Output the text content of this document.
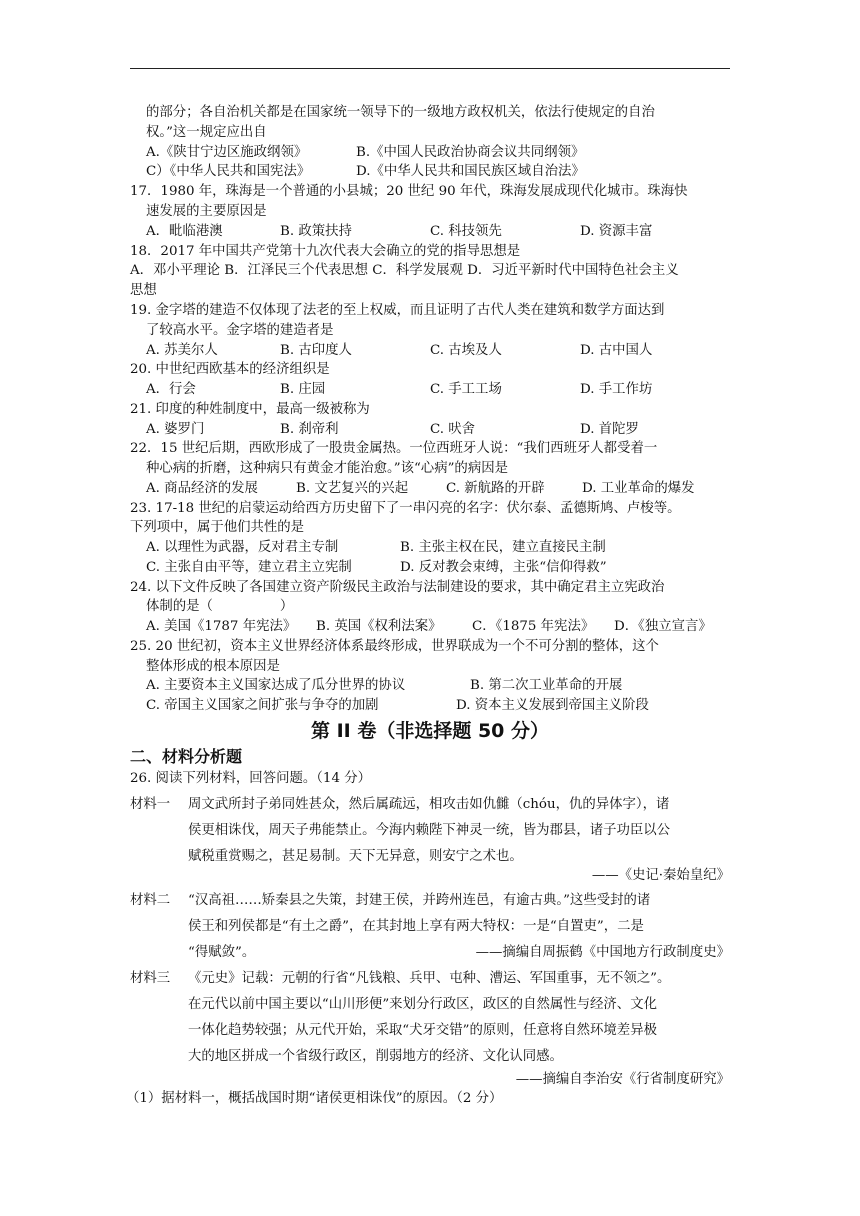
的部分；各自治机关都是在国家统一领导下的一级地方政权机关，依法行使规定的自治
权。”这一规定应出自
A.《陕甘宁边区施政纲领》	B.《中国人民政治协商会议共同纲领》
C）《中华人民共和国宪法》	D.《中华人民共和国民族区域自治法》
17．1980 年，珠海是一个普通的小县城；20 世纪 90 年代，珠海发展成现代化城市。珠海快
速发展的主要原因是
A．毗临港澳	B. 政策扶持	C. 科技领先	D. 资源丰富
18．2017 年中国共产党第十九次代表大会确立的党的指导思想是
A．邓小平理论 B．江泽民三个代表思想 C．科学发展观 D．习近平新时代中国特色社会主义
思想
19. 金字塔的建造不仅体现了法老的至上权威，而且证明了古代人类在建筑和数学方面达到
了较高水平。金字塔的建造者是
A. 苏美尔人	B. 古印度人	C. 古埃及人	D. 古中国人
20. 中世纪西欧基本的经济组织是
A．行会	B. 庄园	C. 手工工场	D. 手工作坊
21. 印度的种姓制度中，最高一级被称为
A. 婆罗门	B. 刹帝利	C. 吠舍	D. 首陀罗
22．15 世纪后期，西欧形成了一股贵金属热。一位西班牙人说：“我们西班牙人都受着一
种心病的折磨，这种病只有黄金才能治愈。”该“心病”的病因是
A. 商品经济的发展	B. 文艺复兴的兴起	C. 新航路的开辟	D. 工业革命的爆发
23. 17-18 世纪的启蒙运动给西方历史留下了一串闪亮的名字：伏尔泰、孟德斯鸠、卢梭等。
下列项中，属于他们共性的是
A. 以理性为武器，反对君主专制	B. 主张主权在民，建立直接民主制
C. 主张自由平等，建立君主立宪制	D. 反对教会束缚，主张“信仰得救”
24. 以下文件反映了各国建立资产阶级民主政治与法制建设的要求，其中确定君主立宪政治
体制的是（　　　　　）
A. 美国《1787 年宪法》 B. 英国《权利法案》 C．《1875 年宪法》 D．《独立宣言》
25. 20 世纪初，资本主义世界经济体系最终形成，世界联成为一个不可分割的整体，这个
整体形成的根本原因是
A. 主要资本主义国家达成了瓜分世界的协议	B. 第二次工业革命的开展
C. 帝国主义国家之间扩张与争夺的加剧	D. 资本主义发展到帝国主义阶段
第 II 卷（非选择题 50 分）
二、材料分析题
26. 阅读下列材料，回答问题。（14 分）
材料一 周文武所封子弟同姓甚众，然后属疏远，相攻击如仇雠（chóu，仇的异体字），诸
侯更相诛伐，周天子弗能禁止。今海内赖陛下神灵一统，皆为郡县，诸子功臣以公
赋税重赏赐之，甚足易制。天下无异意，则安宁之术也。
——《史记·秦始皇纪》
材料二 “汉高祖……矫秦县之失策，封建王侯，并跨州连邑，有逾古典。”这些受封的诸
侯王和列侯都是“有土之爵”，在其封地上享有两大特权：一是“自置吏”，二是
“得赋敛”。	——摘编自周振鹤《中国地方行政制度史》
材料三 《元史》记载：元朝的行省“凡钱粮、兵甲、屯种、漕运、军国重事，无不领之”。
在元代以前中国主要以“山川形便”来划分行政区，政区的自然属性与经济、文化
一体化趋势较强；从元代开始，采取“犬牙交错”的原则，任意将自然环境差异极
大的地区拼成一个省级行政区，削弱地方的经济、文化认同感。
——摘编自李治安《行省制度研究》
（1）据材料一，概括战国时期“诸侯更相诛伐”的原因。（2 分）
